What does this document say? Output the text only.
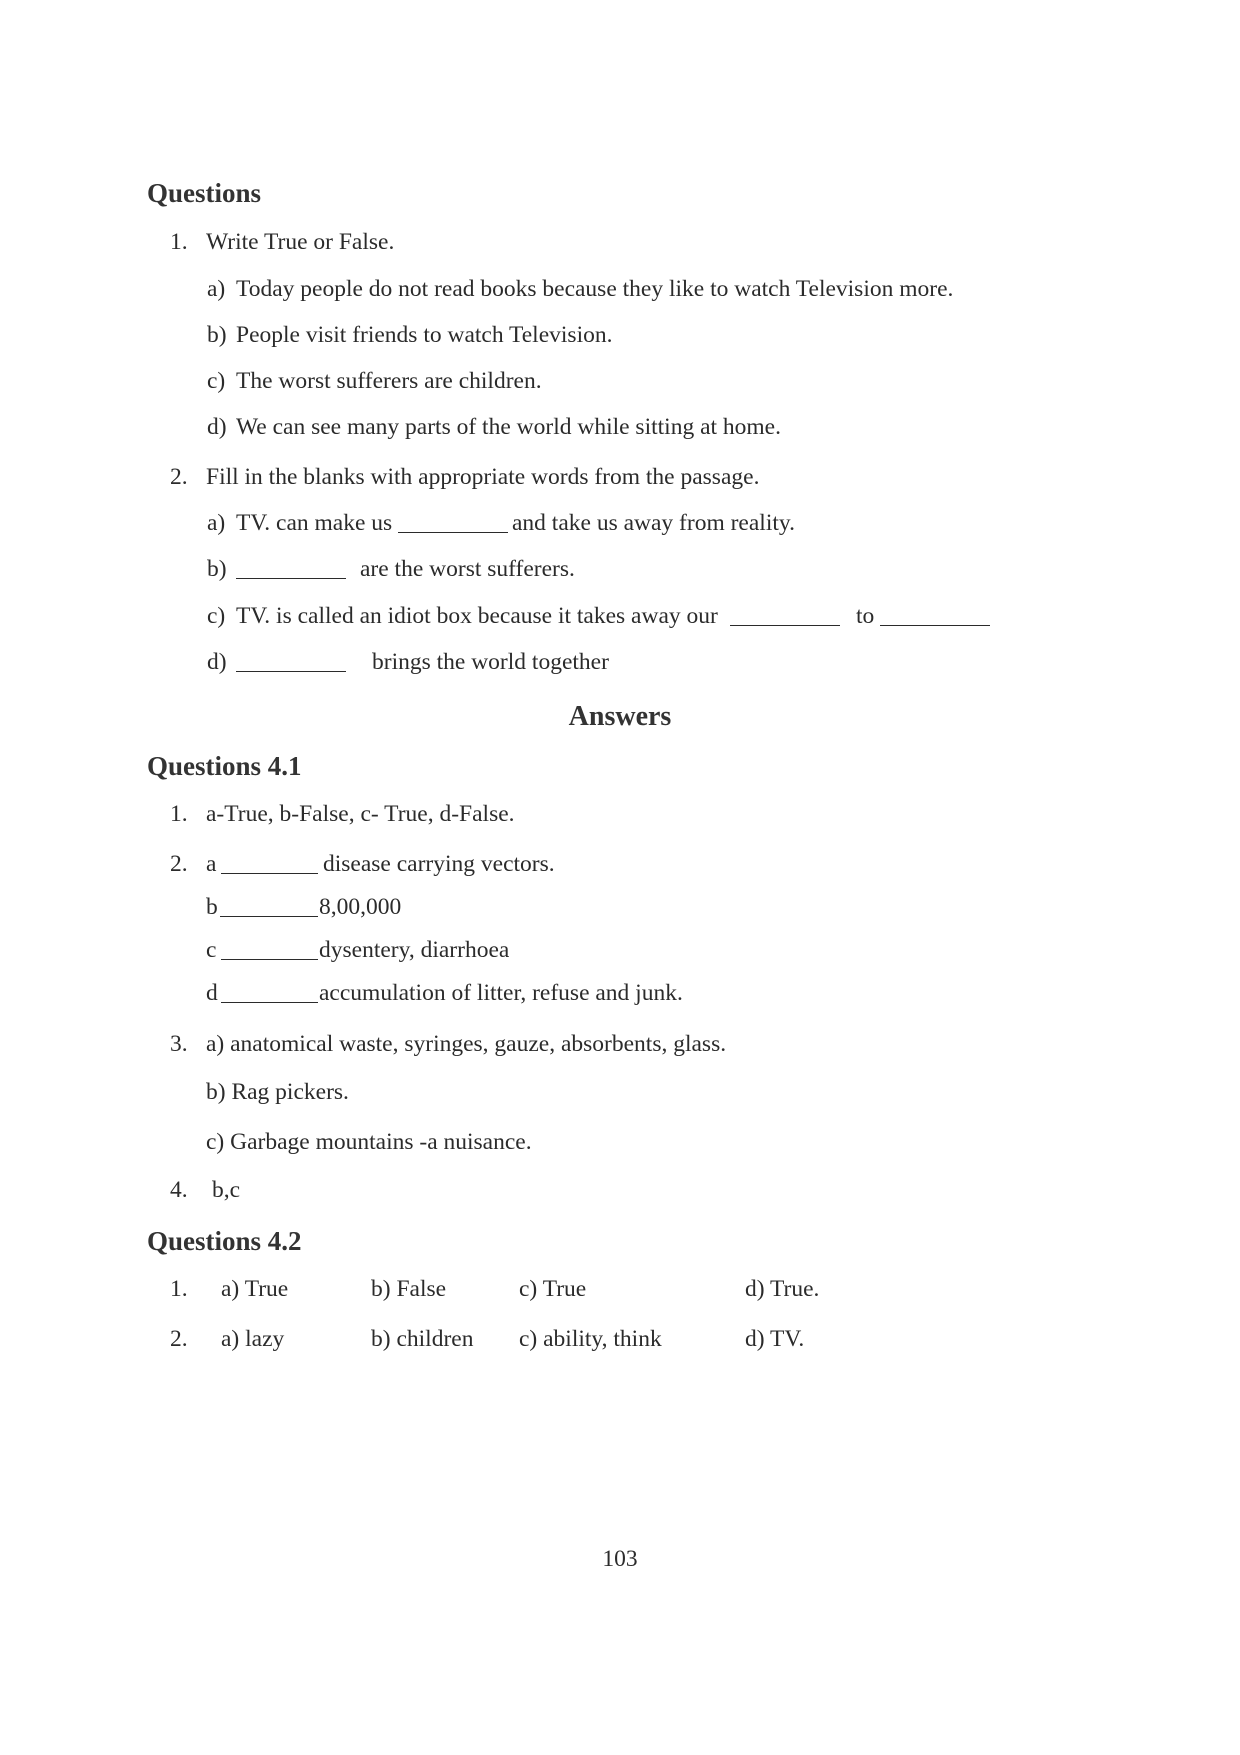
Questions
1. Write True or False.
a) Today people do not read books because they like to watch Television more.
b) People visit friends to watch Television.
c) The worst sufferers are children.
d) We can see many parts of the world while sitting at home.
2. Fill in the blanks with appropriate words from the passage.
a) TV. can make us	and take us away from reality.
b)	are the worst sufferers.
c) TV. is called an idiot box because it takes away our	to
d)	brings the world together
Answers
Questions 4.1
1. a-True, b-False, c- True, d-False.
2. a	disease carrying vectors.
b	8,00,000
c	dysentery, diarrhoea
d	accumulation of litter, refuse and junk.
3. a) anatomical waste, syringes, gauze, absorbents, glass.
b) Rag pickers.
c) Garbage mountains -a nuisance.
4. b,c
Questions 4.2
1. a) True	b) False	c) True	d) True.
2. a) lazy	b) children c) ability, think	d) TV.
103
